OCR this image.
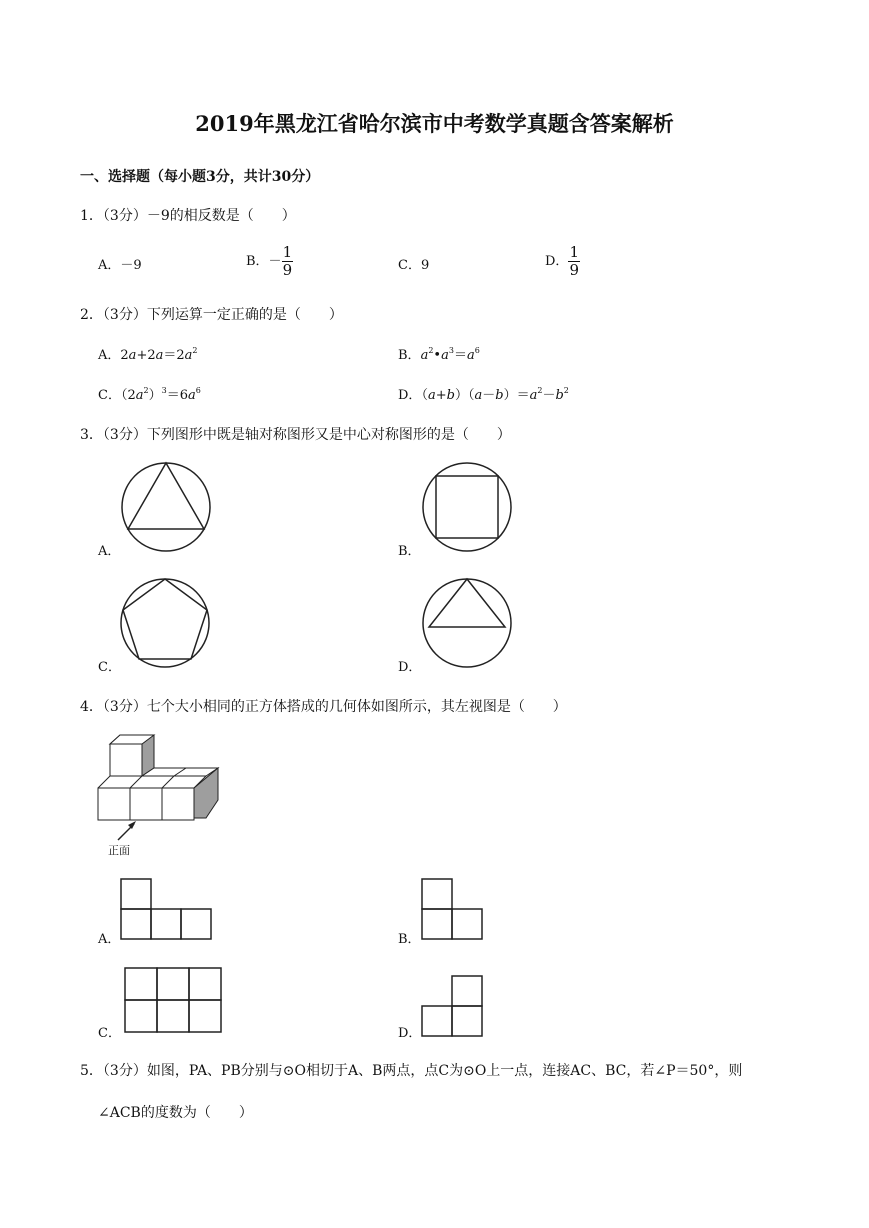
2019年黑龙江省哈尔滨市中考数学真题含答案解析
一、选择题（每小题3分，共计30分）
1．（3分）－9的相反数是（　　）
A．－9	B．－ $\frac{1}{9}$	C．9	D． $\frac{1}{9}$
2．（3分）下列运算一定正确的是（　　）
A．$2a+2a=2a^2$	B．$a^2•a^3=a^6$
C．$(2a^2)^3=6a^6$	D．$(a+b)(a-b)=a^2-b^2$
3．（3分）下列图形中既是轴对称图形又是中心对称图形的是（　　）
A．	B．
C．	D．
4．（3分）七个大小相同的正方体搭成的几何体如图所示，其左视图是（　　）
正面
A．	B．
C．	D．
5．（3分）如图，PA、PB分别与⊙O相切于A、B两点，点C为⊙O上一点，连接AC、BC，若∠P＝50°，则
∠ACB的度数为（　　）
